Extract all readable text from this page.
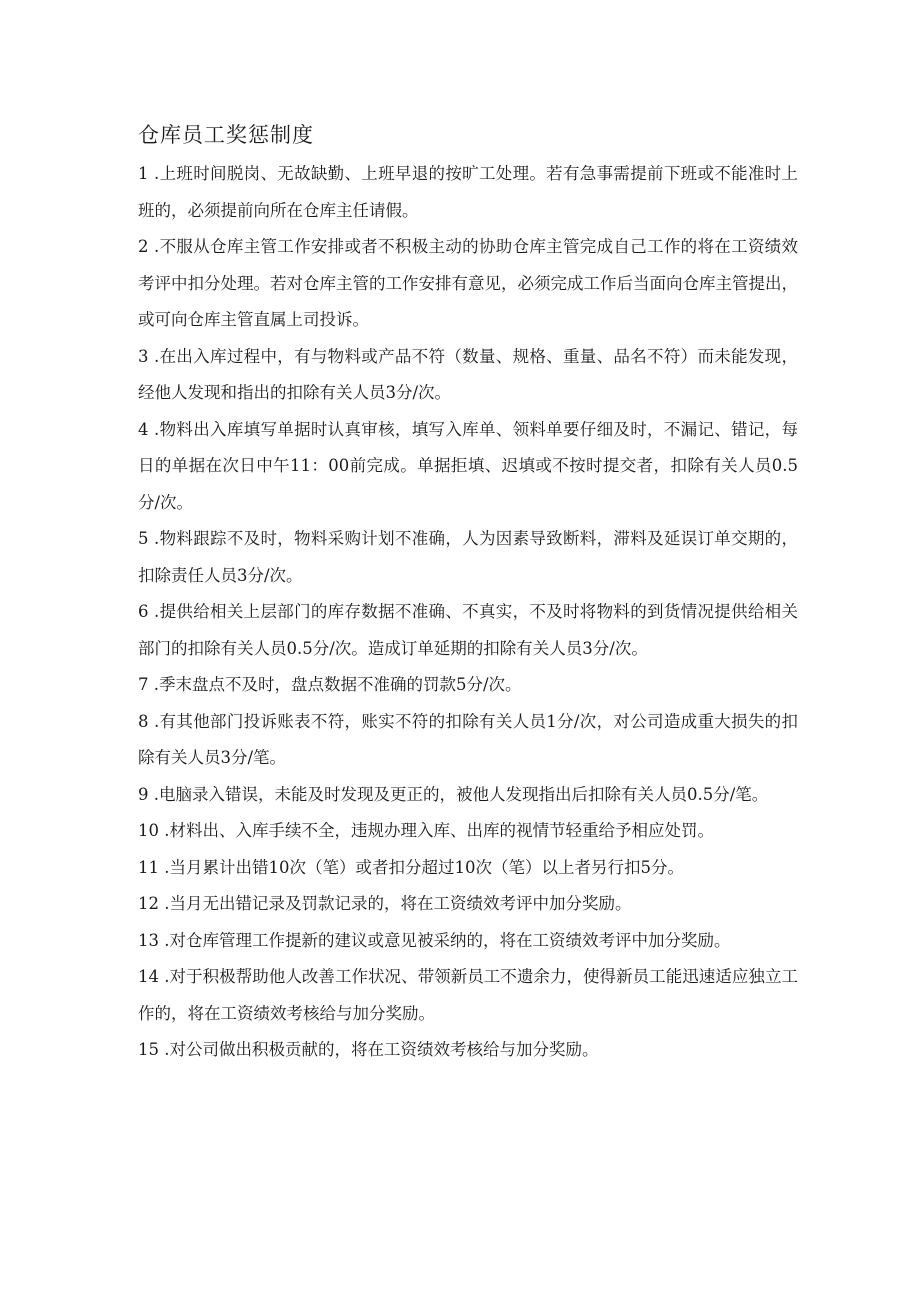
仓库员工奖惩制度

1 .上班时间脱岗、无故缺勤、上班早退的按旷工处理。若有急事需提前下班或不能准时上班的，必须提前向所在仓库主任请假。

2 .不服从仓库主管工作安排或者不积极主动的协助仓库主管完成自己工作的将在工资绩效考评中扣分处理。若对仓库主管的工作安排有意见，必须完成工作后当面向仓库主管提出，或可向仓库主管直属上司投诉。

3 .在出入库过程中，有与物料或产品不符（数量、规格、重量、品名不符）而未能发现，经他人发现和指出的扣除有关人员3分/次。

4 .物料出入库填写单据时认真审核，填写入库单、领料单要仔细及时，不漏记、错记，每日的单据在次日中午11：00前完成。单据拒填、迟填或不按时提交者，扣除有关人员0.5分/次。

5 .物料跟踪不及时，物料采购计划不准确，人为因素导致断料，滞料及延误订单交期的，扣除责任人员3分/次。

6 .提供给相关上层部门的库存数据不准确、不真实，不及时将物料的到货情况提供给相关部门的扣除有关人员0.5分/次。造成订单延期的扣除有关人员3分/次。

7 .季末盘点不及时，盘点数据不准确的罚款5分/次。

8 .有其他部门投诉账表不符，账实不符的扣除有关人员1分/次，对公司造成重大损失的扣除有关人员3分/笔。

9 .电脑录入错误，未能及时发现及更正的，被他人发现指出后扣除有关人员0.5分/笔。

10 .材料出、入库手续不全，违规办理入库、出库的视情节轻重给予相应处罚。

11 .当月累计出错10次（笔）或者扣分超过10次（笔）以上者另行扣5分。

12 .当月无出错记录及罚款记录的，将在工资绩效考评中加分奖励。

13 .对仓库管理工作提新的建议或意见被采纳的，将在工资绩效考评中加分奖励。

14 .对于积极帮助他人改善工作状况、带领新员工不遗余力，使得新员工能迅速适应独立工作的，将在工资绩效考核给与加分奖励。

15 .对公司做出积极贡献的，将在工资绩效考核给与加分奖励。
